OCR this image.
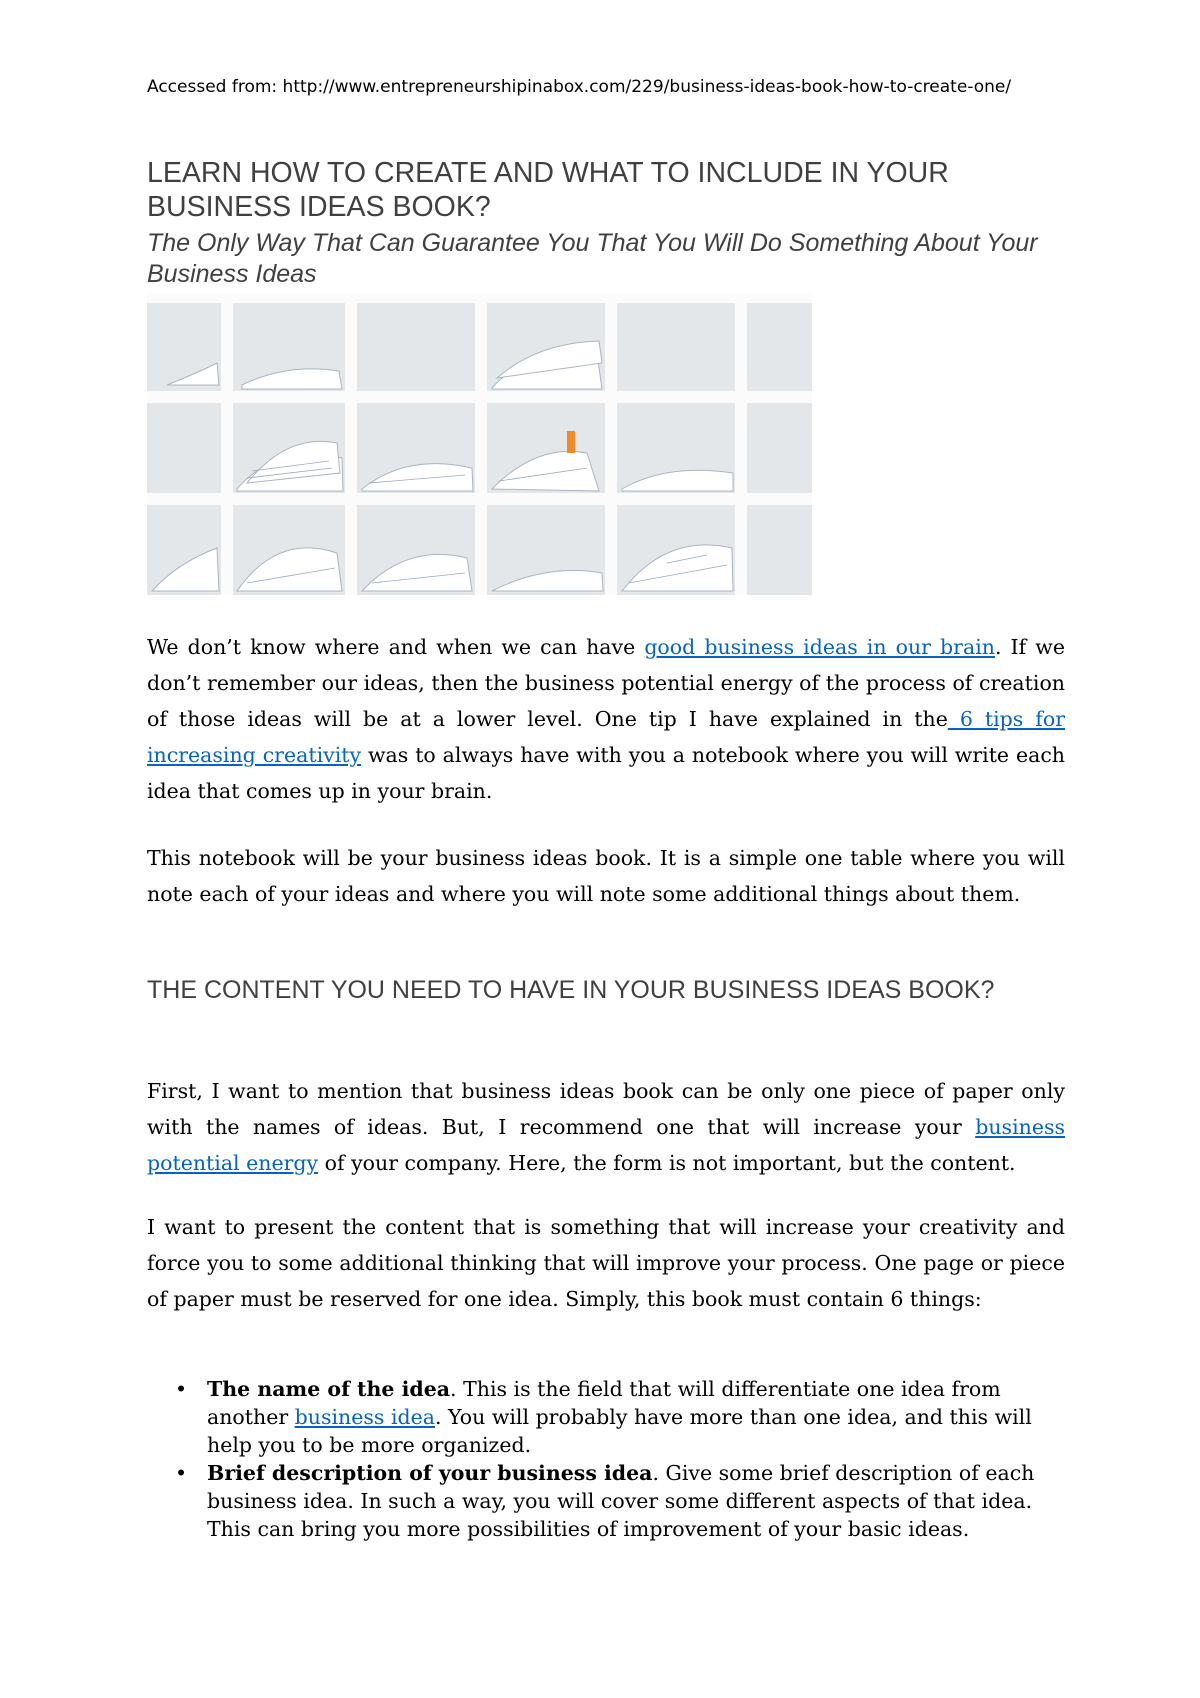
Accessed from: http://www.entrepreneurshipinabox.com/229/business-ideas-book-how-to-create-one/
LEARN HOW TO CREATE AND WHAT TO INCLUDE IN YOUR BUSINESS IDEAS BOOK?
The Only Way That Can Guarantee You That You Will Do Something About Your Business Ideas

We don’t know where and when we can have good business ideas in our brain. If we don’t remember our ideas, then the business potential energy of the process of creation of those ideas will be at a lower level. One tip I have explained in the 6 tips for increasing creativity was to always have with you a notebook where you will write each idea that comes up in your brain.

This notebook will be your business ideas book. It is a simple one table where you will note each of your ideas and where you will note some additional things about them.

THE CONTENT YOU NEED TO HAVE IN YOUR BUSINESS IDEAS BOOK?

First, I want to mention that business ideas book can be only one piece of paper only with the names of ideas. But, I recommend one that will increase your business potential energy of your company. Here, the form is not important, but the content.

I want to present the content that is something that will increase your creativity and force you to some additional thinking that will improve your process. One page or piece of paper must be reserved for one idea. Simply, this book must contain 6 things:

• The name of the idea. This is the field that will differentiate one idea from another business idea. You will probably have more than one idea, and this will help you to be more organized.
• Brief description of your business idea. Give some brief description of each business idea. In such a way, you will cover some different aspects of that idea. This can bring you more possibilities of improvement of your basic ideas.
